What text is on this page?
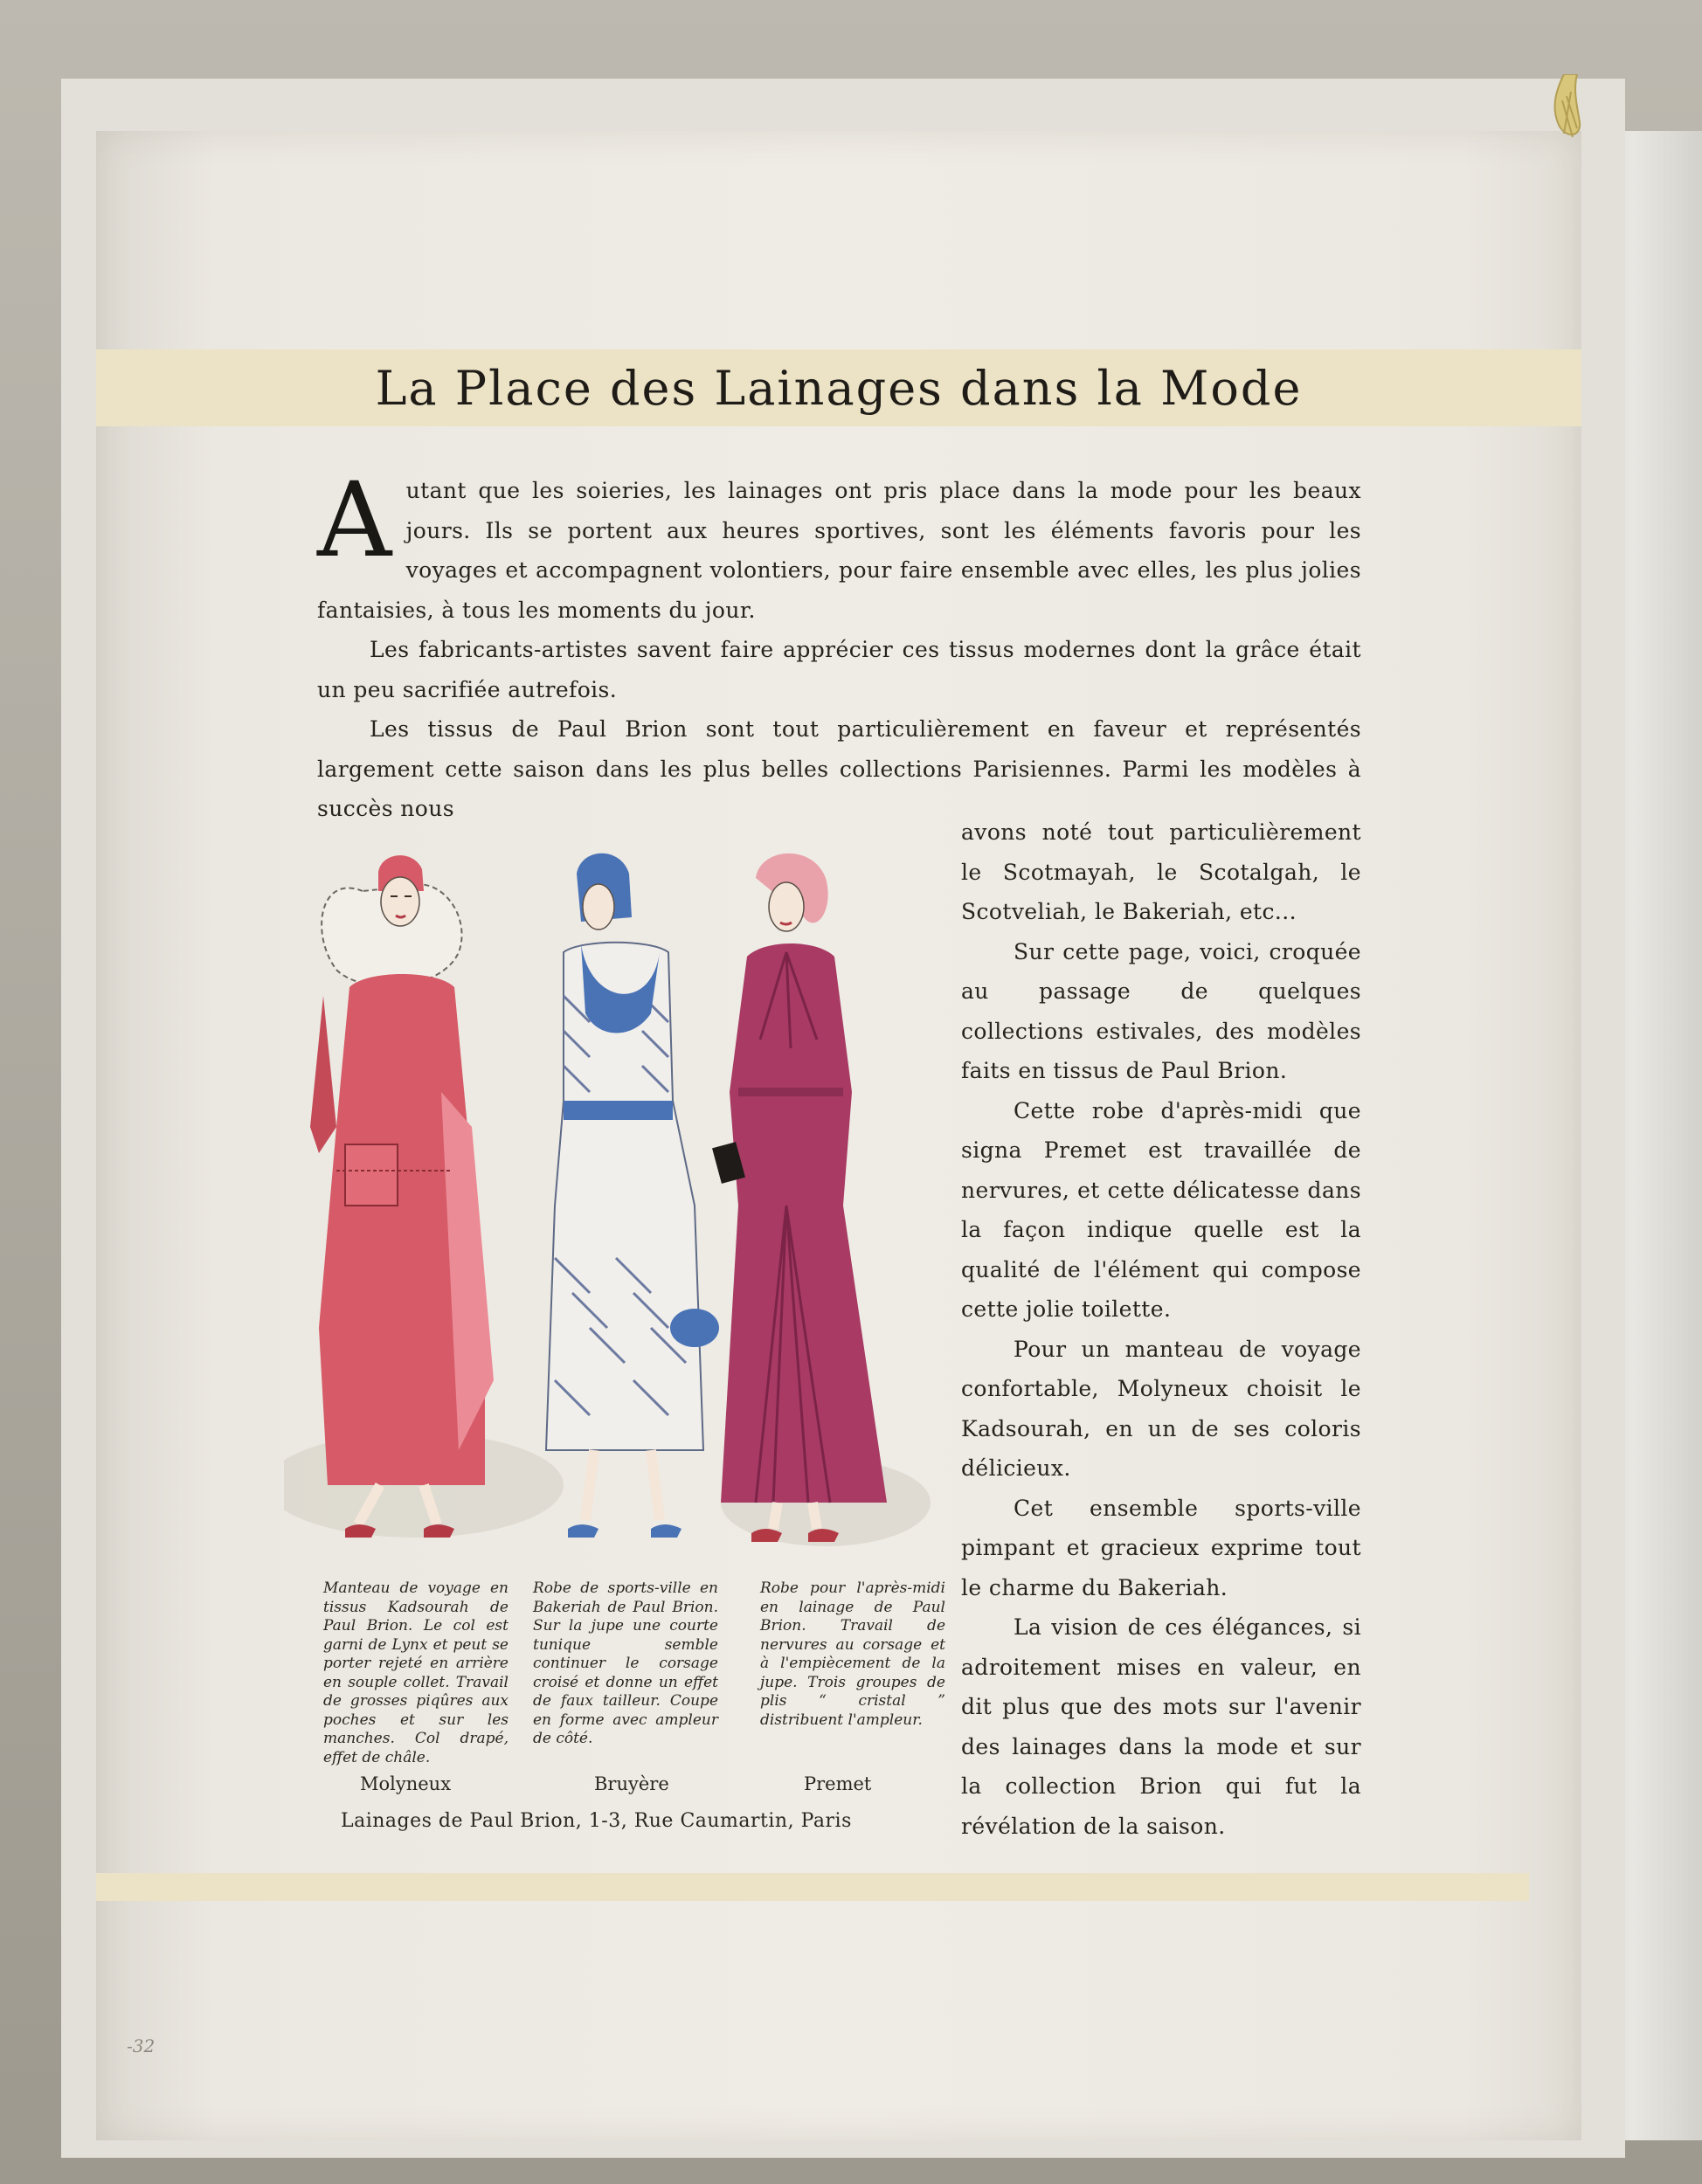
La Place des Lainages dans la Mode
A utant que les soieries, les lainages ont pris place dans la mode pour les beaux jours. Ils se portent aux heures sportives, sont les éléments favoris pour les voyages et accompagnent volontiers, pour faire ensemble avec elles, les plus jolies fantaisies, à tous les moments du jour.

Les fabricants-artistes savent faire apprécier ces tissus modernes dont la grâce était un peu sacrifiée autrefois.

Les tissus de Paul Brion sont tout particulièrement en faveur et représentés largement cette saison dans les plus belles collections Parisiennes. Parmi les modèles à succès nous

avons noté tout particulièrement le Scotmayah, le Scotalgah, le Scotveliah, le Bakeriah, etc...

Sur cette page, voici, croquée au passage de quelques collections estivales, des modèles faits en tissus de Paul Brion.

Cette robe d'après-midi que signa Premet est travaillée de nervures, et cette délicatesse dans la façon indique quelle est la qualité de l'élément qui compose cette jolie toilette.

Pour un manteau de voyage confortable, Molyneux choisit le Kadsourah, en un de ses coloris délicieux.

Cet ensemble sports-ville pimpant et gracieux exprime tout le charme du Bakeriah.

La vision de ces élégances, si adroitement mises en valeur, en dit plus que des mots sur l'avenir des lainages dans la mode et sur la collection Brion qui fut la révélation de la saison.

Manteau de voyage en tissus Kadsourah de Paul Brion. Le col est garni de Lynx et peut se porter rejeté en arrière en souple collet. Travail de grosses piqûres aux poches et sur les manches. Col drapé, effet de châle.
Robe de sports-ville en Bakeriah de Paul Brion. Sur la jupe une courte tunique semble continuer le corsage croisé et donne un effet de faux tailleur. Coupe en forme avec ampleur de côté.
Robe pour l'après-midi en lainage de Paul Brion. Travail de nervures au corsage et à l'empiècement de la jupe. Trois groupes de plis “ cristal ” distribuent l'ampleur.
Molyneux	Bruyère	Premet
Lainages de Paul Brion, 1-3, Rue Caumartin, Paris
-32
